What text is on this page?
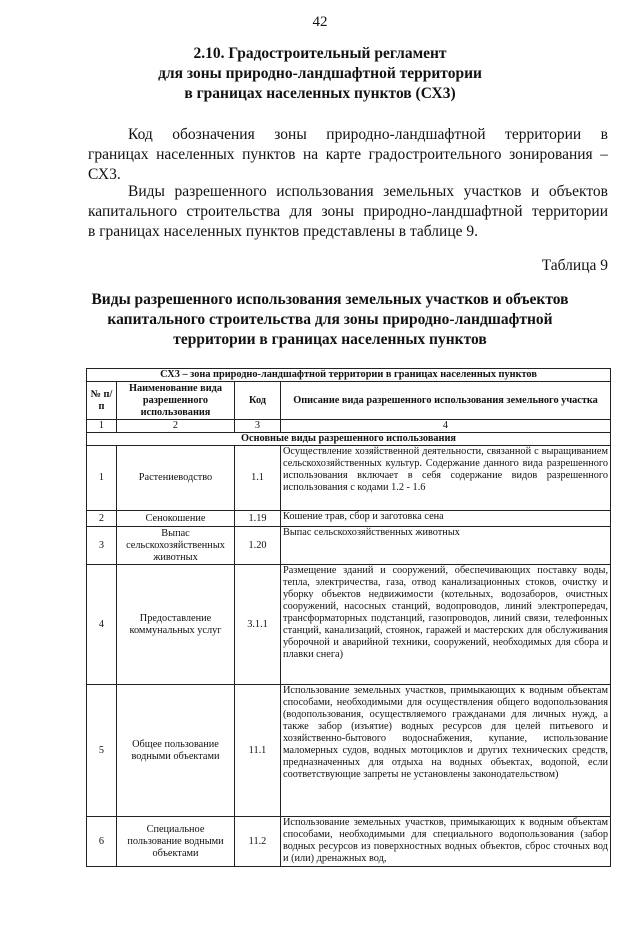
42
2.10. Градостроительный регламент
для зоны природно-ландшафтной территории
в границах населенных пунктов (СХ3)
Код обозначения зоны природно-ландшафтной территории в
границах населенных пунктов на карте градостроительного зонирования –
СХ3.
Виды разрешенного использования земельных участков и объектов
капитального строительства для зоны природно-ландшафтной территории
в границах населенных пунктов представлены в таблице 9.
Таблица 9
Виды разрешенного использования земельных участков и объектов
капитального строительства для зоны природно-ландшафтной
территории в границах населенных пунктов
СХ3 – зона природно-ландшафтной территории в границах населенных пунктов			
№ п/п	Наименование вида разрешенного использования	Код	Описание вида разрешенного использования земельного участка
1	2	3	4
Основные виды разрешенного использования			
1	Растениеводство	1.1	Осуществление хозяйственной деятельности, связанной с выращиванием сельскохозяйственных культур. Содержание данного вида разрешенного использования включает в себя содержание видов разрешенного использования с кодами 1.2 - 1.6
2	Сенокошение	1.19	Кошение трав, сбор и заготовка сена
3	Выпас сельскохозяйственных животных	1.20	Выпас сельскохозяйственных животных
4	Предоставление коммунальных услуг	3.1.1	Размещение зданий и сооружений, обеспечивающих поставку воды, тепла, электричества, газа, отвод канализационных стоков, очистку и уборку объектов недвижимости (котельных, водозаборов, очистных сооружений, насосных станций, водопроводов, линий электропередач, трансформаторных подстанций, газопроводов, линий связи, телефонных станций, канализаций, стоянок, гаражей и мастерских для обслуживания уборочной и аварийной техники, сооружений, необходимых для сбора и плавки снега)
5	Общее пользование водными объектами	11.1	Использование земельных участков, примыкающих к водным объектам способами, необходимыми для осуществления общего водопользования (водопользования, осуществляемого гражданами для личных нужд, а также забор (изъятие) водных ресурсов для целей питьевого и хозяйственно-бытового водоснабжения, купание, использование маломерных судов, водных мотоциклов и других технических средств, предназначенных для отдыха на водных объектах, водопой, если соответствующие запреты не установлены законодательством)
6	Специальное пользование водными объектами	11.2	Использование земельных участков, примыкающих к водным объектам способами, необходимыми для специального водопользования (забор водных ресурсов из поверхностных водных объектов, сброс сточных вод и (или) дренажных вод,
